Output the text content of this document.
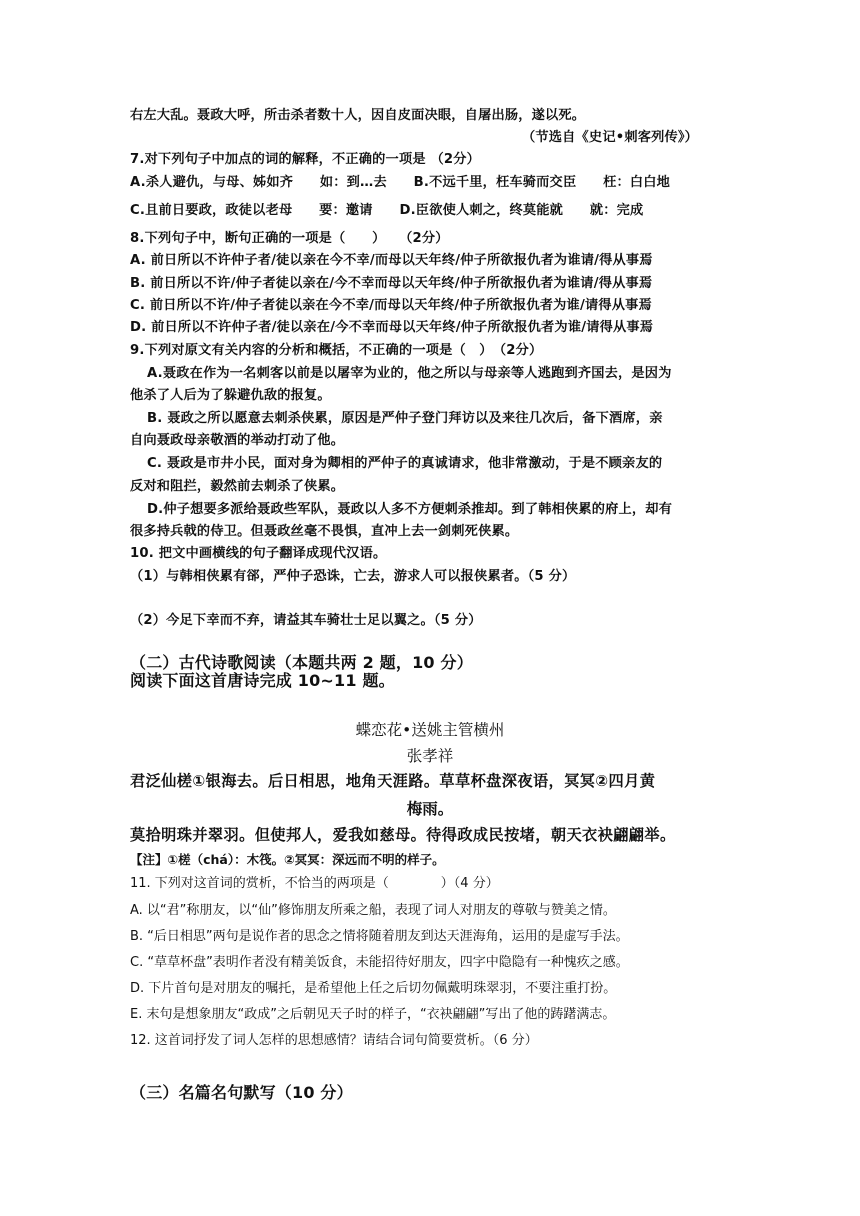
右左大乱。聂政大呼，所击杀者数十人，因自皮面决眼，自屠出肠，遂以死。
（节选自《史记•刺客列传》）
7.对下列句子中加点的词的解释，不正确的一项是 （2分）
A.杀人避仇，与母、姊如齐　　如：到…去　　B.不远千里，枉车骑而交臣　　枉：白白地
C.且前日要政，政徒以老母　　要：邀请　　D.臣欲使人刺之，终莫能就　　就：完成
8.下列句子中，断句正确的一项是（　　）　　（2分）
A. 前日所以不许仲子者/徒以亲在今不幸/而母以天年终/仲子所欲报仇者为谁请/得从事焉
B. 前日所以不许/仲子者徒以亲在/今不幸而母以天年终/仲子所欲报仇者为谁请/得从事焉
C. 前日所以不许/仲子者徒以亲在今不幸/而母以天年终/仲子所欲报仇者为谁/请得从事焉
D. 前日所以不许仲子者/徒以亲在/今不幸而母以天年终/仲子所欲报仇者为谁/请得从事焉
9.下列对原文有关内容的分析和概括，不正确的一项是（　）　（2分）
A.聂政在作为一名刺客以前是以屠宰为业的，他之所以与母亲等人逃跑到齐国去，是因为
他杀了人后为了躲避仇敌的报复。
B. 聂政之所以愿意去刺杀侠累，原因是严仲子登门拜访以及来往几次后，备下酒席，亲
自向聂政母亲敬酒的举动打动了他。
C. 聂政是市井小民，面对身为卿相的严仲子的真诚请求，他非常激动，于是不顾亲友的
反对和阻拦，毅然前去刺杀了侠累。
D.仲子想要多派给聂政些军队，聂政以人多不方便刺杀推却。到了韩相侠累的府上，却有
很多持兵戟的侍卫。但聂政丝毫不畏惧，直冲上去一剑刺死侠累。
10. 把文中画横线的句子翻译成现代汉语。
（1）与韩相侠累有郤，严仲子恐诛，亡去，游求人可以报侠累者。（5 分）
（2）今足下幸而不弃，请益其车骑壮士足以翼之。（5 分）
（二）古代诗歌阅读（本题共两 2 题，10 分）
阅读下面这首唐诗完成 10~11 题。
蝶恋花•送姚主管横州
张孝祥
君泛仙槎①银海去。后日相思，地角天涯路。草草杯盘深夜语，冥冥②四月黄
梅雨。
莫拾明珠并翠羽。但使邦人，爱我如慈母。待得政成民按堵，朝天衣袂翩翩举。
【注】①槎（chá）：木筏。②冥冥：深远而不明的样子。
11. 下列对这首词的赏析，不恰当的两项是（　　　　）（4 分）
A. 以“君”称朋友，以“仙”修饰朋友所乘之船，表现了词人对朋友的尊敬与赞美之情。
B. “后日相思”两句是说作者的思念之情将随着朋友到达天涯海角，运用的是虚写手法。
C. “草草杯盘”表明作者没有精美饭食，未能招待好朋友，四字中隐隐有一种愧疚之感。
D. 下片首句是对朋友的嘱托，是希望他上任之后切勿佩戴明珠翠羽，不要注重打扮。
E. 末句是想象朋友“政成”之后朝见天子时的样子，“衣袂翩翩”写出了他的踌躇满志。
12. 这首词抒发了词人怎样的思想感情？请结合词句简要赏析。（6 分）
（三）名篇名句默写（10 分）
